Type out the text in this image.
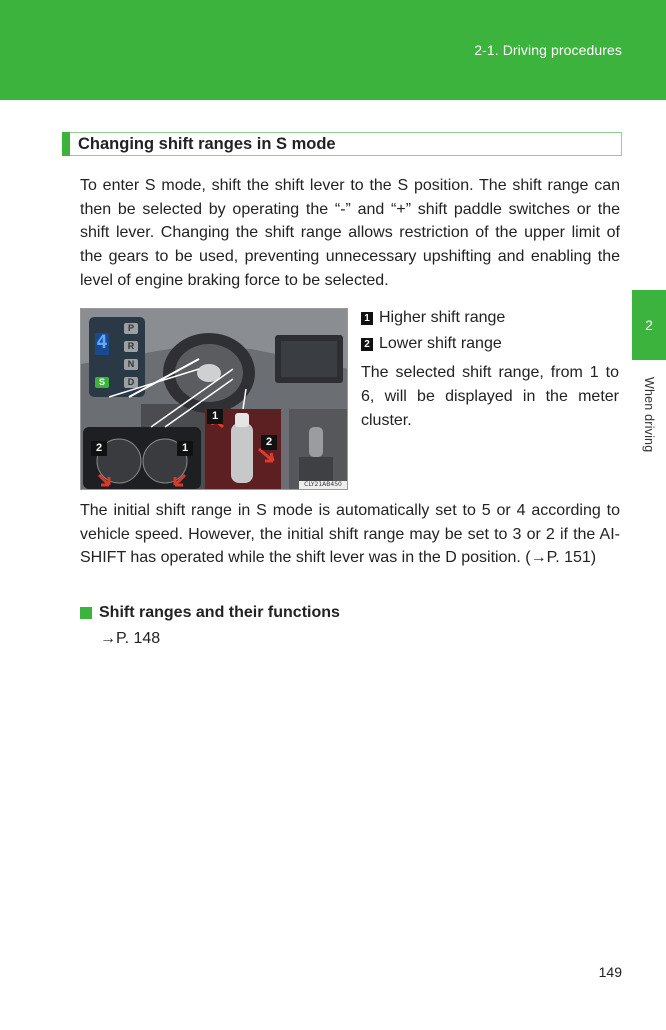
2-1. Driving procedures
2
When driving
Changing shift ranges in S mode
To enter S mode, shift the shift lever to the S position. The shift range can then be selected by operating the “-” and “+” shift paddle switches or the shift lever. Changing the shift range allows restriction of the upper limit of the gears to be used, preventing unnecessary upshifting and enabling the level of engine braking force to be selected.
4
P
R
N
S	D
1
2
2	1
CLY21AB450
1 Higher shift range
2 Lower shift range
The selected shift range, from 1 to 6, will be displayed in the meter cluster.
The initial shift range in S mode is automatically set to 5 or 4 according to vehicle speed. However, the initial shift range may be set to 3 or 2 if the AI-SHIFT has operated while the shift lever was in the D position. (→P. 151)
Shift ranges and their functions
→P. 148
149
